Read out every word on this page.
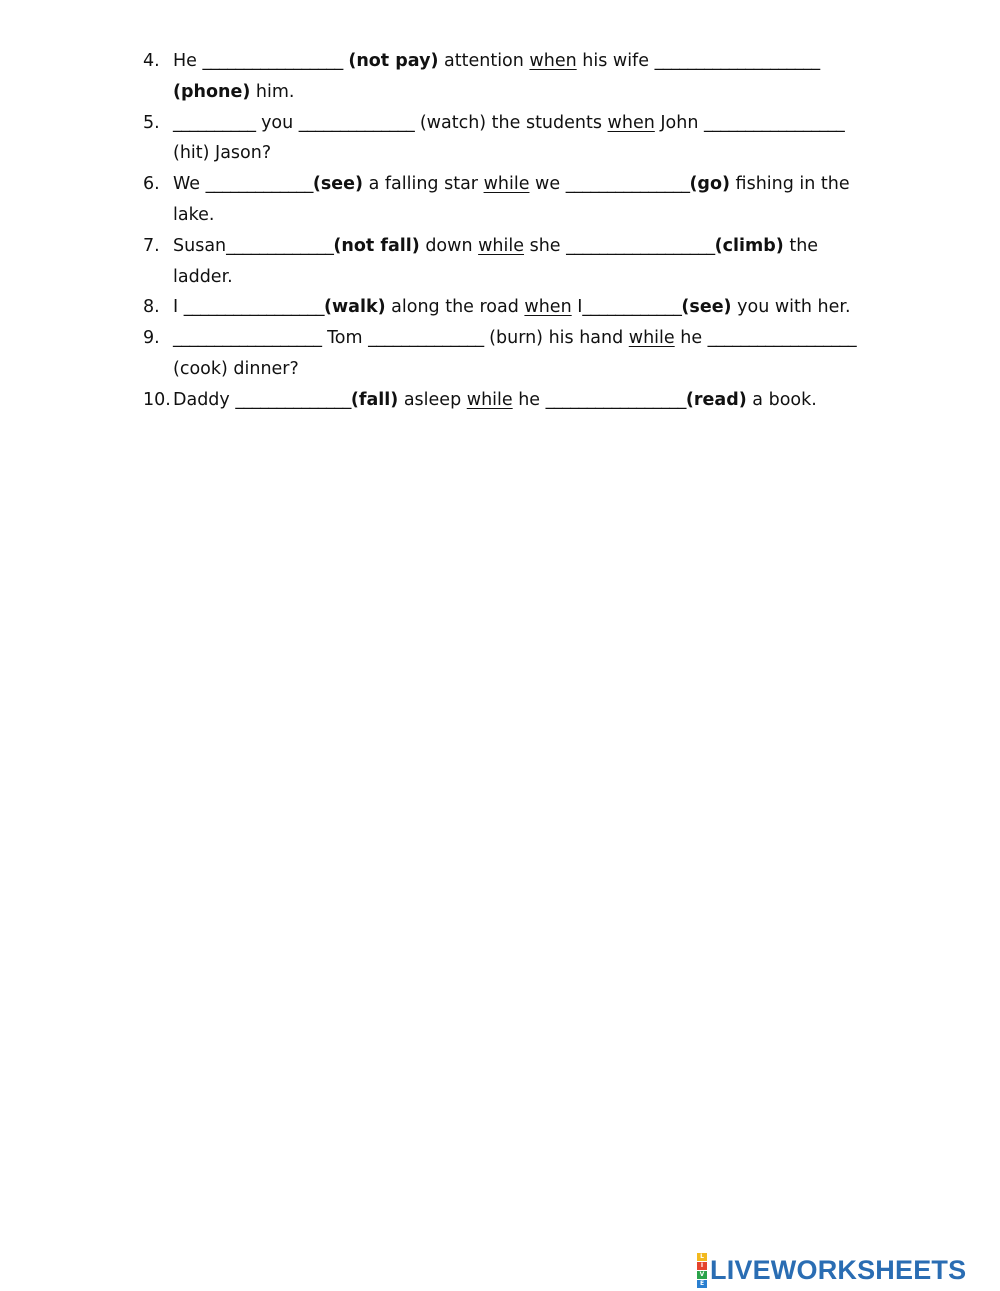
4. He _________________ (not pay) attention when his wife ____________________ (phone) him.

5. __________ you ______________ (watch) the students when John _________________ (hit) Jason?

6. We _____________(see) a falling star while we _______________(go) fishing in the lake.

7. Susan_____________(not fall) down while she __________________(climb) the ladder.

8. I _________________(walk) along the road when I____________(see) you with her.

9. __________________ Tom ______________ (burn) his hand while he __________________ (cook) dinner?

10. Daddy ______________(fall) asleep while he _________________(read) a book.

L
I
V
E LIVEWORKSHEETS
